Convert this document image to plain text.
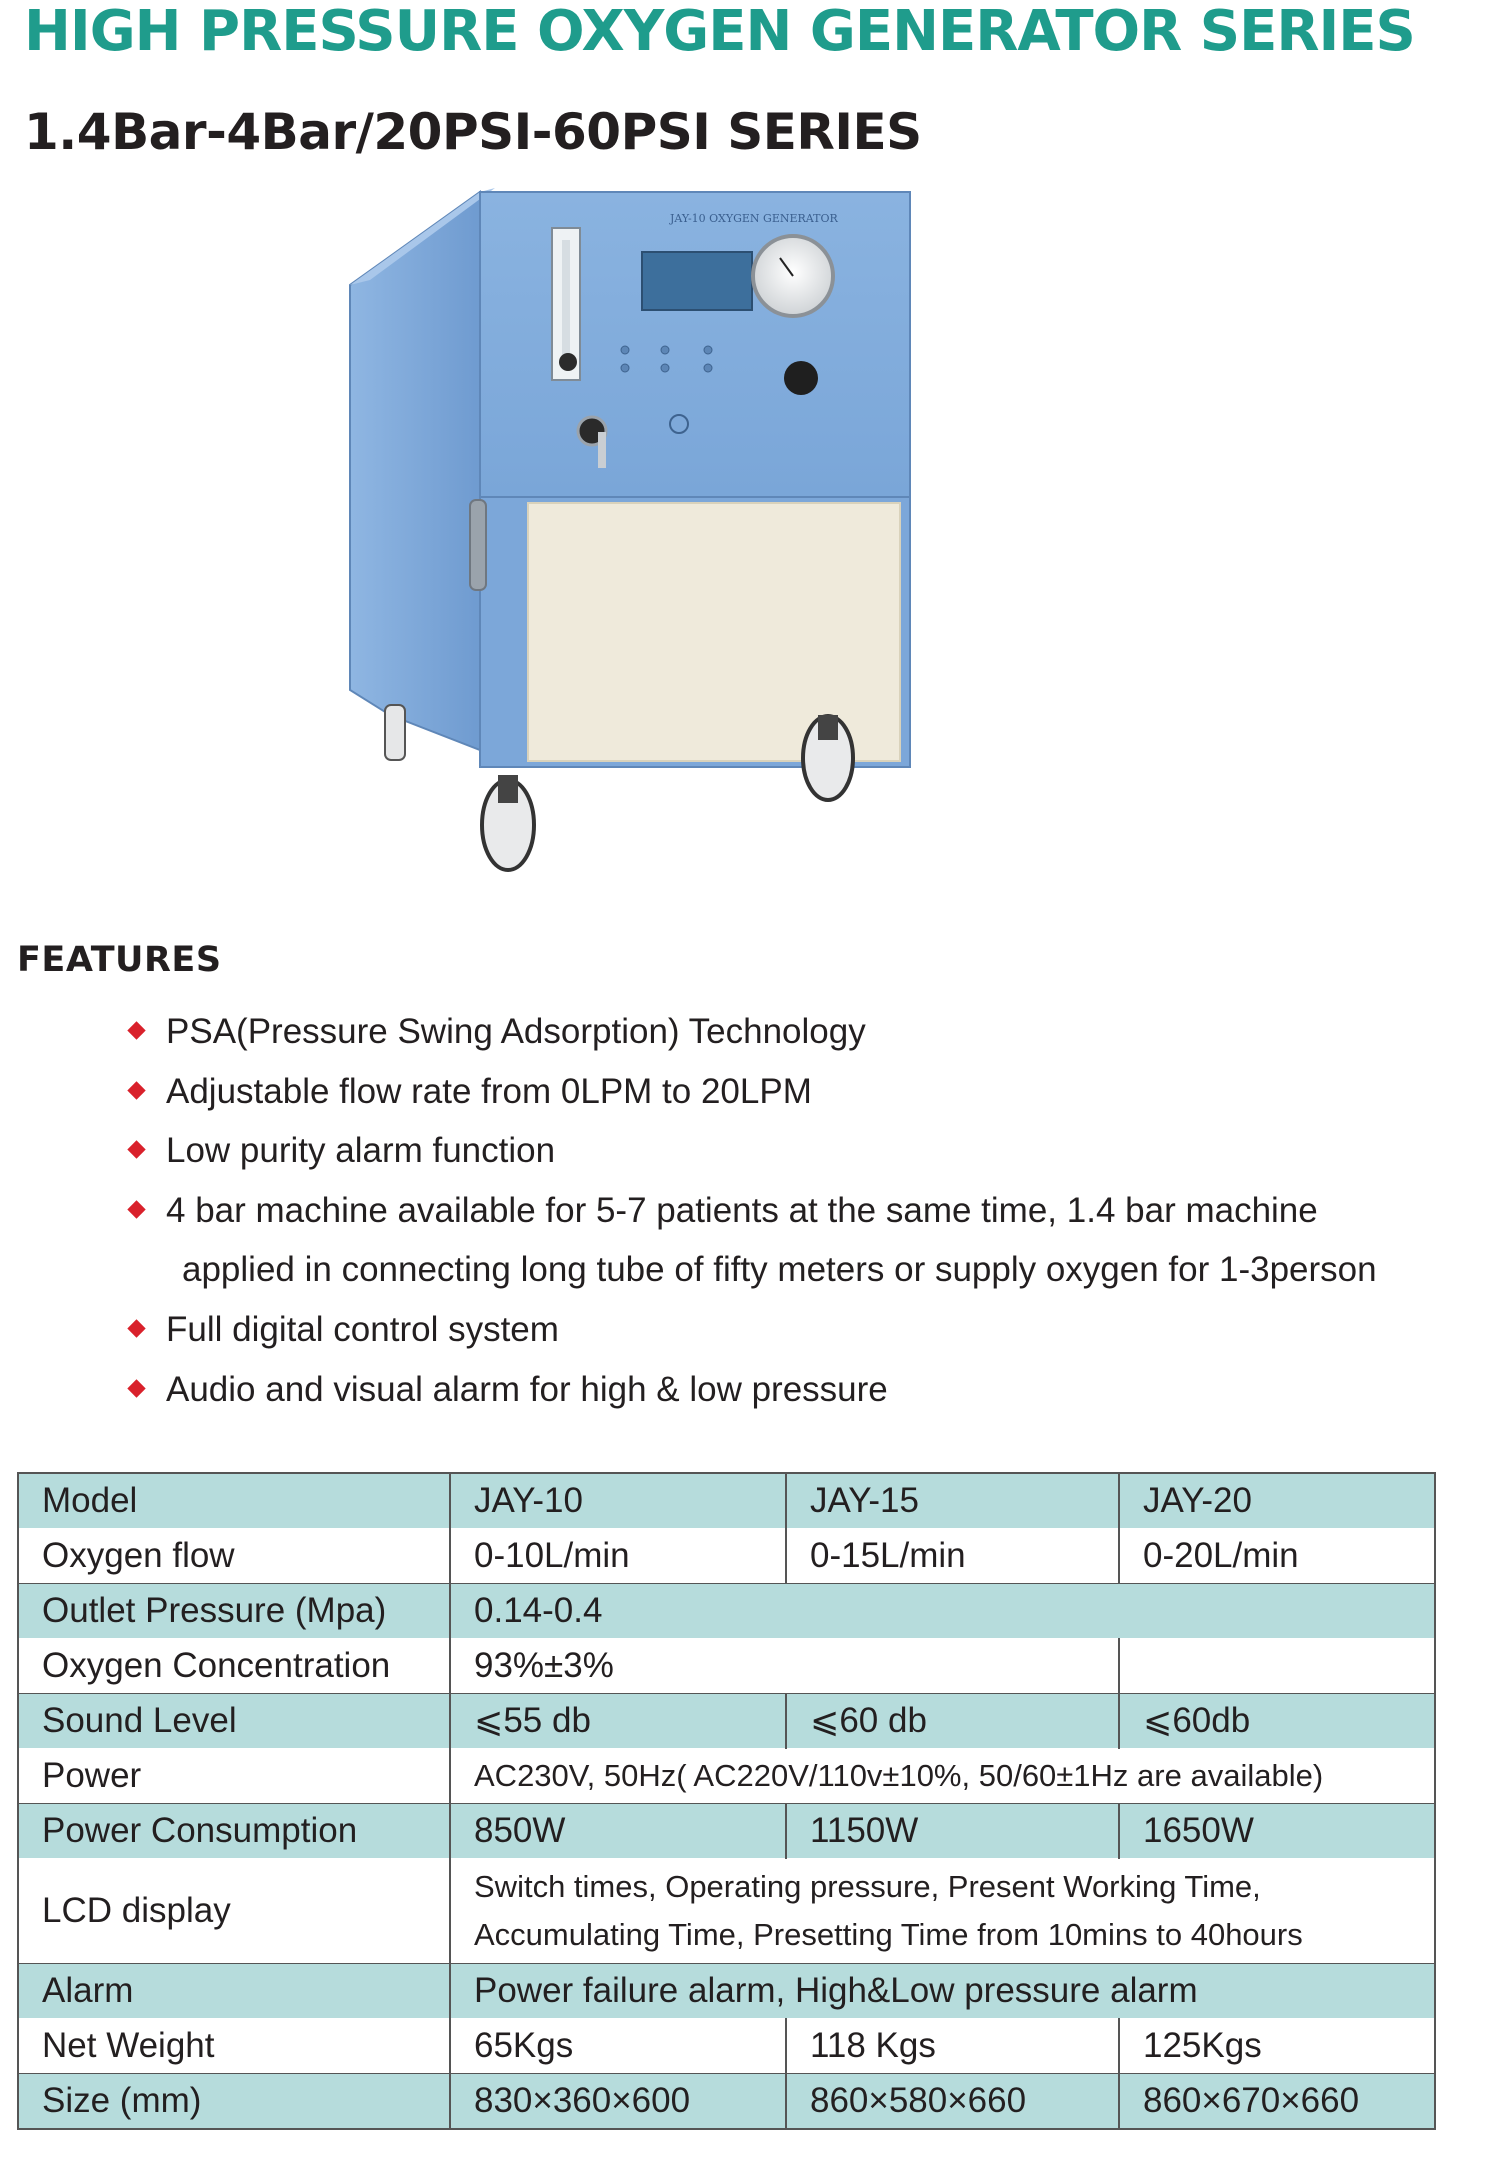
HIGH PRESSURE OXYGEN GENERATOR SERIES
1.4Bar-4Bar/20PSI-60PSI SERIES
JAY-10 OXYGEN GENERATOR
FEATURES
PSA(Pressure Swing Adsorption) Technology
Adjustable flow rate from 0LPM to 20LPM
Low purity alarm function
4 bar machine available for 5-7 patients at the same time, 1.4 bar machine
applied in connecting long tube of fifty meters or supply oxygen for 1-3person
Full digital control system
Audio and visual alarm for high & low pressure
Model	JAY-10	JAY-15	JAY-20
Oxygen flow	0-10L/min	0-15L/min	0-20L/min
Outlet Pressure (Mpa)	0.14-0.4		
Oxygen Concentration	93%±3%		
Sound Level	⩽55 db	⩽60 db	⩽60db
Power	AC230V, 50Hz( AC220V/110v±10%, 50/60±1Hz are available)		
Power Consumption	850W	1150W	1650W
LCD display	Switch times, Operating pressure, Present Working Time,
Accumulating Time, Presetting Time from 10mins to 40hours		

Alarm	Power failure alarm, High&Low pressure alarm		
Net Weight	65Kgs	118 Kgs	125Kgs
Size (mm)	830×360×600	860×580×660	860×670×660
